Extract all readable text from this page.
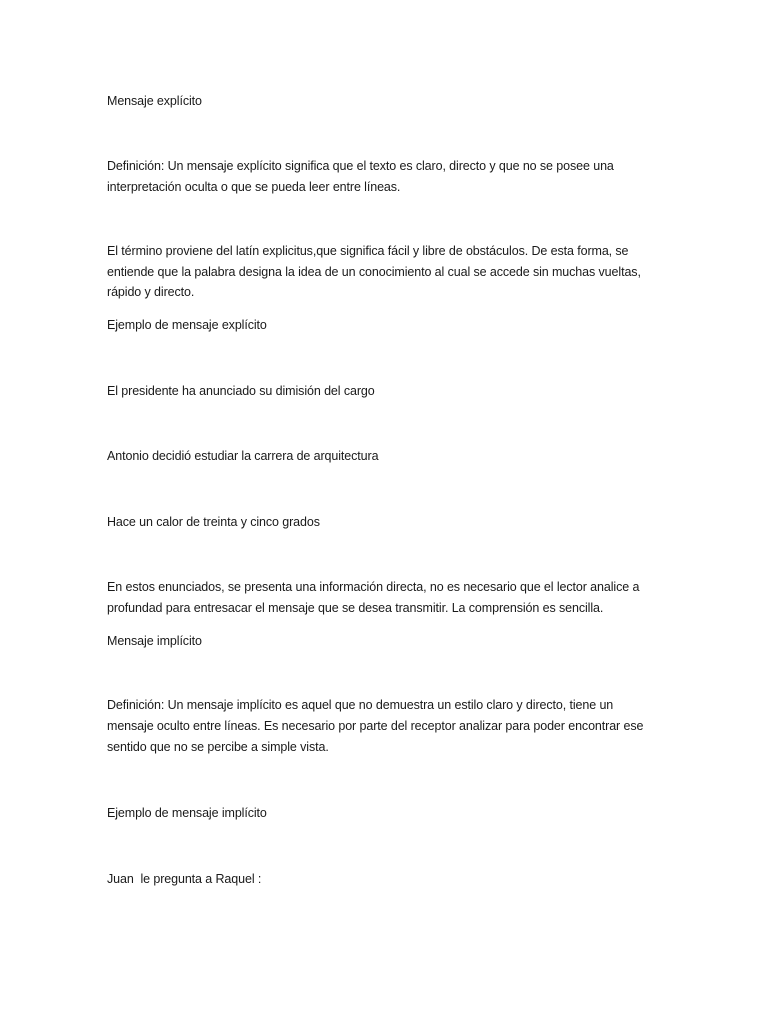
Mensaje explícito

Definición: Un mensaje explícito significa que el texto es claro, directo y que no se posee una

interpretación oculta o que se pueda leer entre líneas.

El término proviene del latín explicitus,que significa fácil y libre de obstáculos. De esta forma, se

entiende que la palabra designa la idea de un conocimiento al cual se accede sin muchas vueltas,

rápido y directo.

Ejemplo de mensaje explícito

El presidente ha anunciado su dimisión del cargo

Antonio decidió estudiar la carrera de arquitectura

Hace un calor de treinta y cinco grados

En estos enunciados, se presenta una información directa, no es necesario que el lector analice a

profundad para entresacar el mensaje que se desea transmitir. La comprensión es sencilla.

Mensaje implícito

Definición: Un mensaje implícito es aquel que no demuestra un estilo claro y directo, tiene un

mensaje oculto entre líneas. Es necesario por parte del receptor analizar para poder encontrar ese

sentido que no se percibe a simple vista.

Ejemplo de mensaje implícito

Juan  le pregunta a Raquel :
